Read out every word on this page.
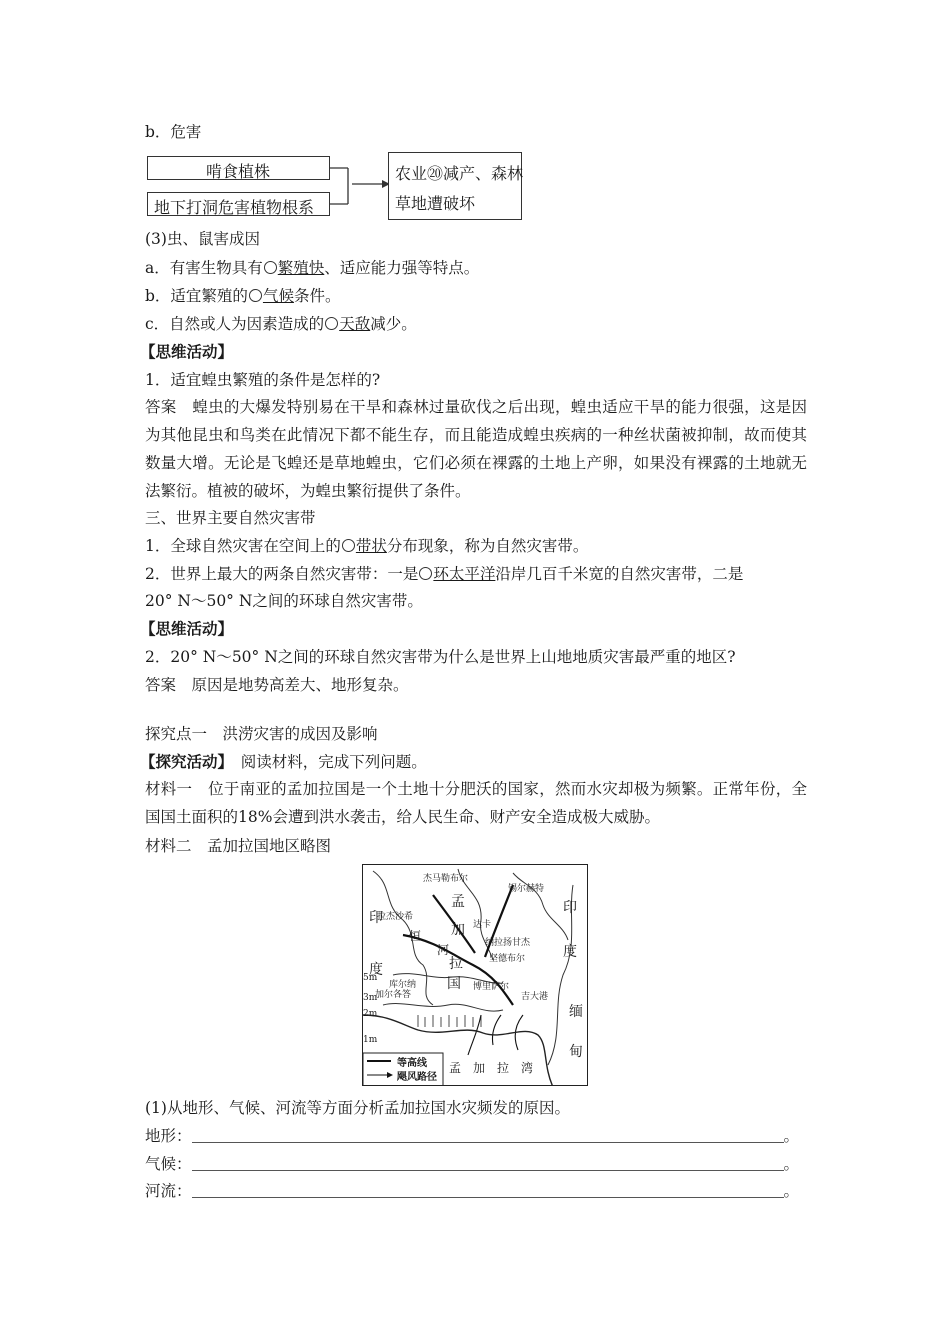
b．危害
啃食植株
地下打洞危害植物根系
农业⑳减产、森林
草地遭破坏
(3)虫、鼠害成因
a．有害生物具有 繁殖快、适应能力强等特点。
b．适宜繁殖的 气候条件。
c．自然或人为因素造成的 天敌减少。
【思维活动】
1．适宜蝗虫繁殖的条件是怎样的?
答案　 蝗虫的大爆发特别易在干旱和森林过量砍伐之后出现，蝗虫适应干旱的能力很强，这是因为其他昆虫和鸟类在此情况下都不能生存，而且能造成蝗虫疾病的一种丝状菌被抑制，故而使其数量大增。无论是飞蝗还是草地蝗虫，它们必须在裸露的土地上产卵，如果没有裸露的土地就无法繁衍。植被的破坏，为蝗虫繁衍提供了条件。
三、世界主要自然灾害带
1．全球自然灾害在空间上的 带状分布现象，称为自然灾害带。
2．世界上最大的两条自然灾害带：一是 环太平洋沿岸几百千米宽的自然灾害带，二是
20° N～50° N之间的环球自然灾害带。
【思维活动】
2．20° N～50° N之间的环球自然灾害带为什么是世界上山地地质灾害最严重的地区?
答案　 原因是地势高差大、地形复杂。
探究点一　洪涝灾害的成因及影响
【探究活动】　 阅读材料，完成下列问题。
材料一　位于南亚的孟加拉国是一个土地十分肥沃的国家，然而水灾却极为频繁。正常年份，全国国土面积的18%会遭到洪水袭击，给人民生命、财产安全造成极大威胁。
材料二　孟加拉国地区略图
杰马勒布尔
锡尔赫特
拉杰沙希
达卡
纳拉扬甘杰
坚德布尔
库尔纳	博里萨尔
吉大港
加尔各答
恒
河
孟
加
拉
国
印
度
印
度
缅
甸
孟　加　拉　湾
5m
3m
2m
1m
等高线
飓风路径
(1)从地形、气候、河流等方面分析孟加拉国水灾频发的原因。
地形：	。
气候：	。
河流：	。
